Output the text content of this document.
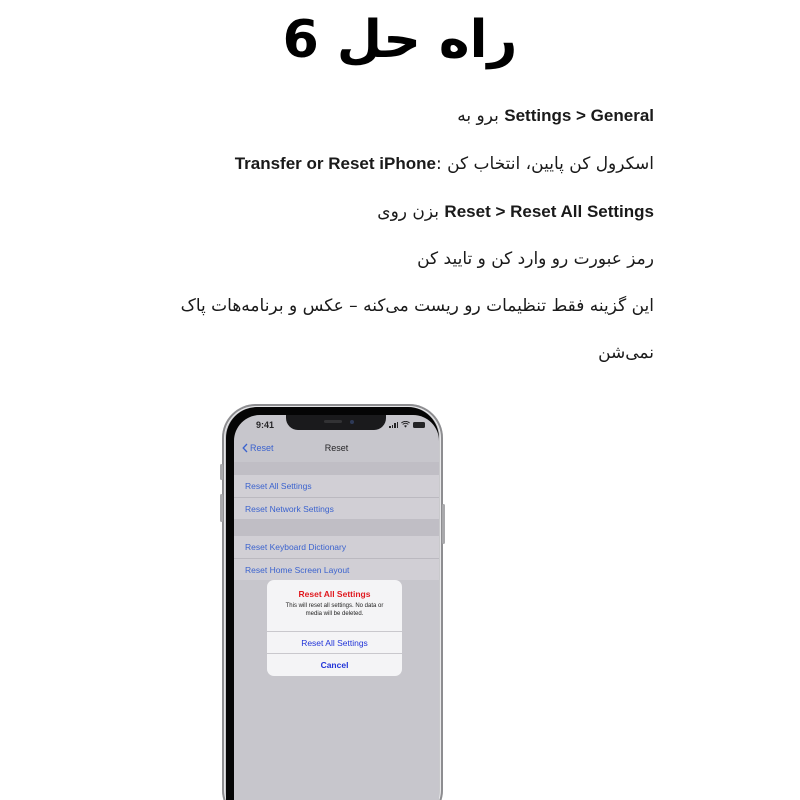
راه حل 6
Settings > General برو به
اسکرول کن پایین، انتخاب کن :Transfer or Reset iPhone
Reset > Reset All Settings بزن روی
رمز عبورت رو وارد کن و تایید کن
این گزینه فقط تنظیمات رو ریست می‌کنه – عکس و برنامه‌هات پاک
نمی‌شن
9:41
Reset	Reset
Reset All Settings
Reset Network Settings
Reset Keyboard Dictionary
Reset Home Screen Layout
Reset All Settings
This will reset all settings. No data or media will be deleted.
Reset All Settings
Cancel
